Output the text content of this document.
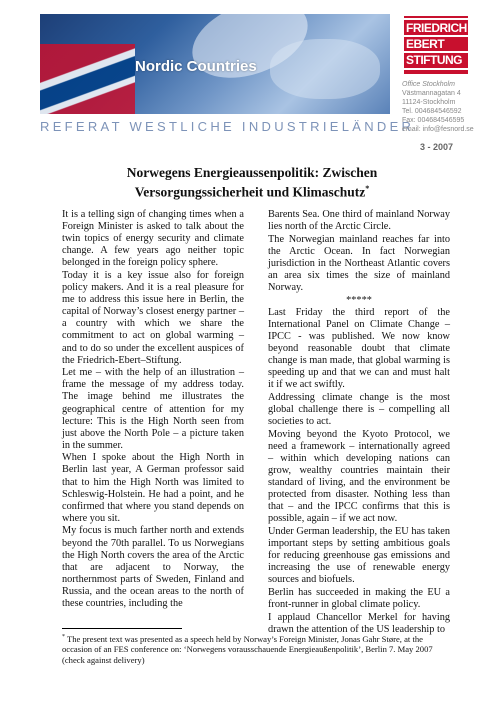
Nordic Countries
REFERAT WESTLICHE INDUSTRIELÄNDER
FRIEDRICH
EBERT
STIFTUNG
Office Stockholm
Västmannagatan 4
11124-Stockholm
Tel. 004684546592
Fax: 004684546595
email: info@fesnord.se
3 - 2007
Norwegens Energieaussenpolitik: Zwischen Versorgungssicherheit und Klimaschutz*

It is a telling sign of changing times when a Foreign Minister is asked to talk about the twin topics of energy security and climate change. A few years ago neither topic belonged in the foreign policy sphere.

Today it is a key issue also for foreign policy makers. And it is a real pleasure for me to address this issue here in Berlin, the capital of Norway’s closest energy partner – a country with which we share the commitment to act on global warming – and to do so under the excellent auspices of the Friedrich-Ebert–Stiftung.

Let me – with the help of an illustration – frame the message of my address today. The image behind me illustrates the geographical centre of attention for my lecture: This is the High North seen from just above the North Pole – a picture taken in the summer.

When I spoke about the High North in Berlin last year, A German professor said that to him the High North was limited to Schleswig-Holstein. He had a point, and he confirmed that where you stand depends on where you sit.

My focus is much farther north and extends beyond the 70th parallel. To us Norwegians the High North covers the area of the Arctic that are adjacent to Norway, the northernmost parts of Sweden, Finland and Russia, and the ocean areas to the north of these countries, including the

Barents Sea. One third of mainland Norway lies north of the Arctic Circle.

The Norwegian mainland reaches far into the Arctic Ocean. In fact Norwegian jurisdiction in the Northeast Atlantic covers an area six times the size of mainland Norway.

*****

Last Friday the third report of the International Panel on Climate Change – IPCC - was published. We now know beyond reasonable doubt that climate change is man made, that global warming is speeding up and that we can and must halt it if we act swiftly.

Addressing climate change is the most global challenge there is – compelling all societies to act.

Moving beyond the Kyoto Protocol, we need a framework – internationally agreed – within which developing nations can grow, wealthy countries maintain their standard of living, and the environment be protected from disaster. Nothing less than that – and the IPCC confirms that this is possible, again – if we act now.

Under German leadership, the EU has taken important steps by setting ambitious goals for reducing greenhouse gas emissions and increasing the use of renewable energy sources and biofuels.

Berlin has succeeded in making the EU a front-runner in global climate policy.

I applaud Chancellor Merkel for having drawn the attention of the US leadership to

* The present text was presented as a speech held by Norway’s Foreign Minister, Jonas Gahr Støre, at the occasion of an FES conference on: ‘Norwegens vorausschauende Energieaußenpolitik’, Berlin 7. May 2007 (check against delivery)
